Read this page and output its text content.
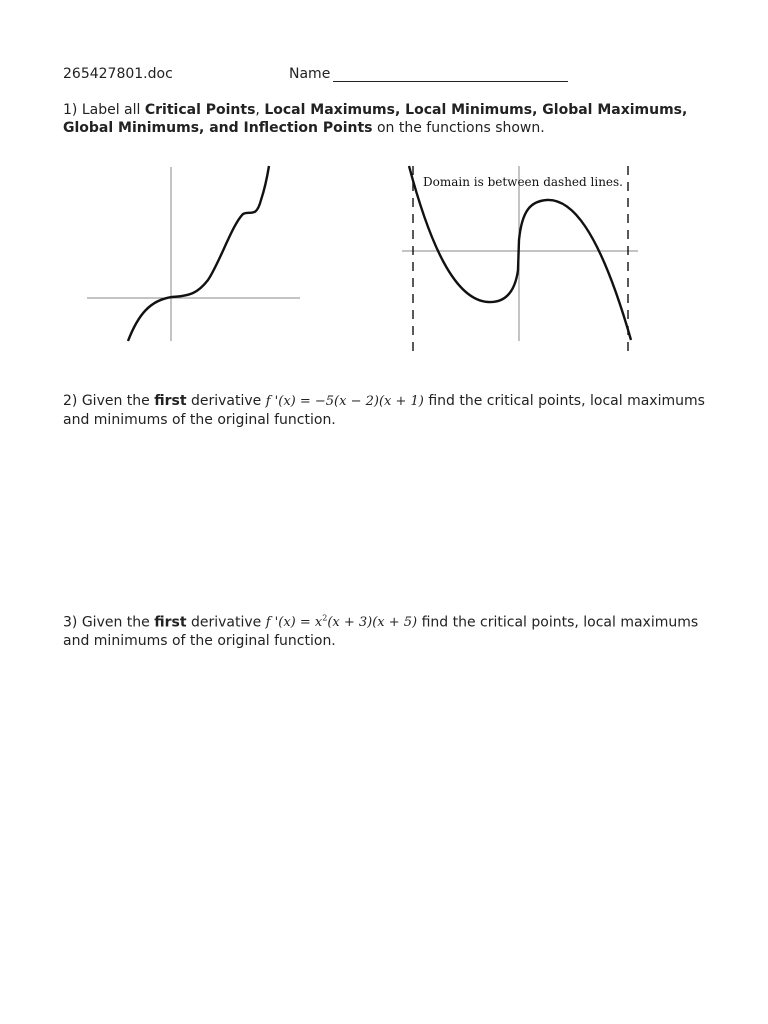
265427801.doc	Name
1) Label all Critical Points, Local Maximums, Local Minimums, Global Maximums, Global Minimums, and Inflection Points on the functions shown.
Domain is between dashed lines.
2) Given the first derivative f '(x) = −5(x − 2)(x + 1) find the critical points, local maximums and minimums of the original function.
3) Given the first derivative f '$(x) = x^2(x + 3)(x + 5)$ find the critical points, local maximums and minimums of the original function.
